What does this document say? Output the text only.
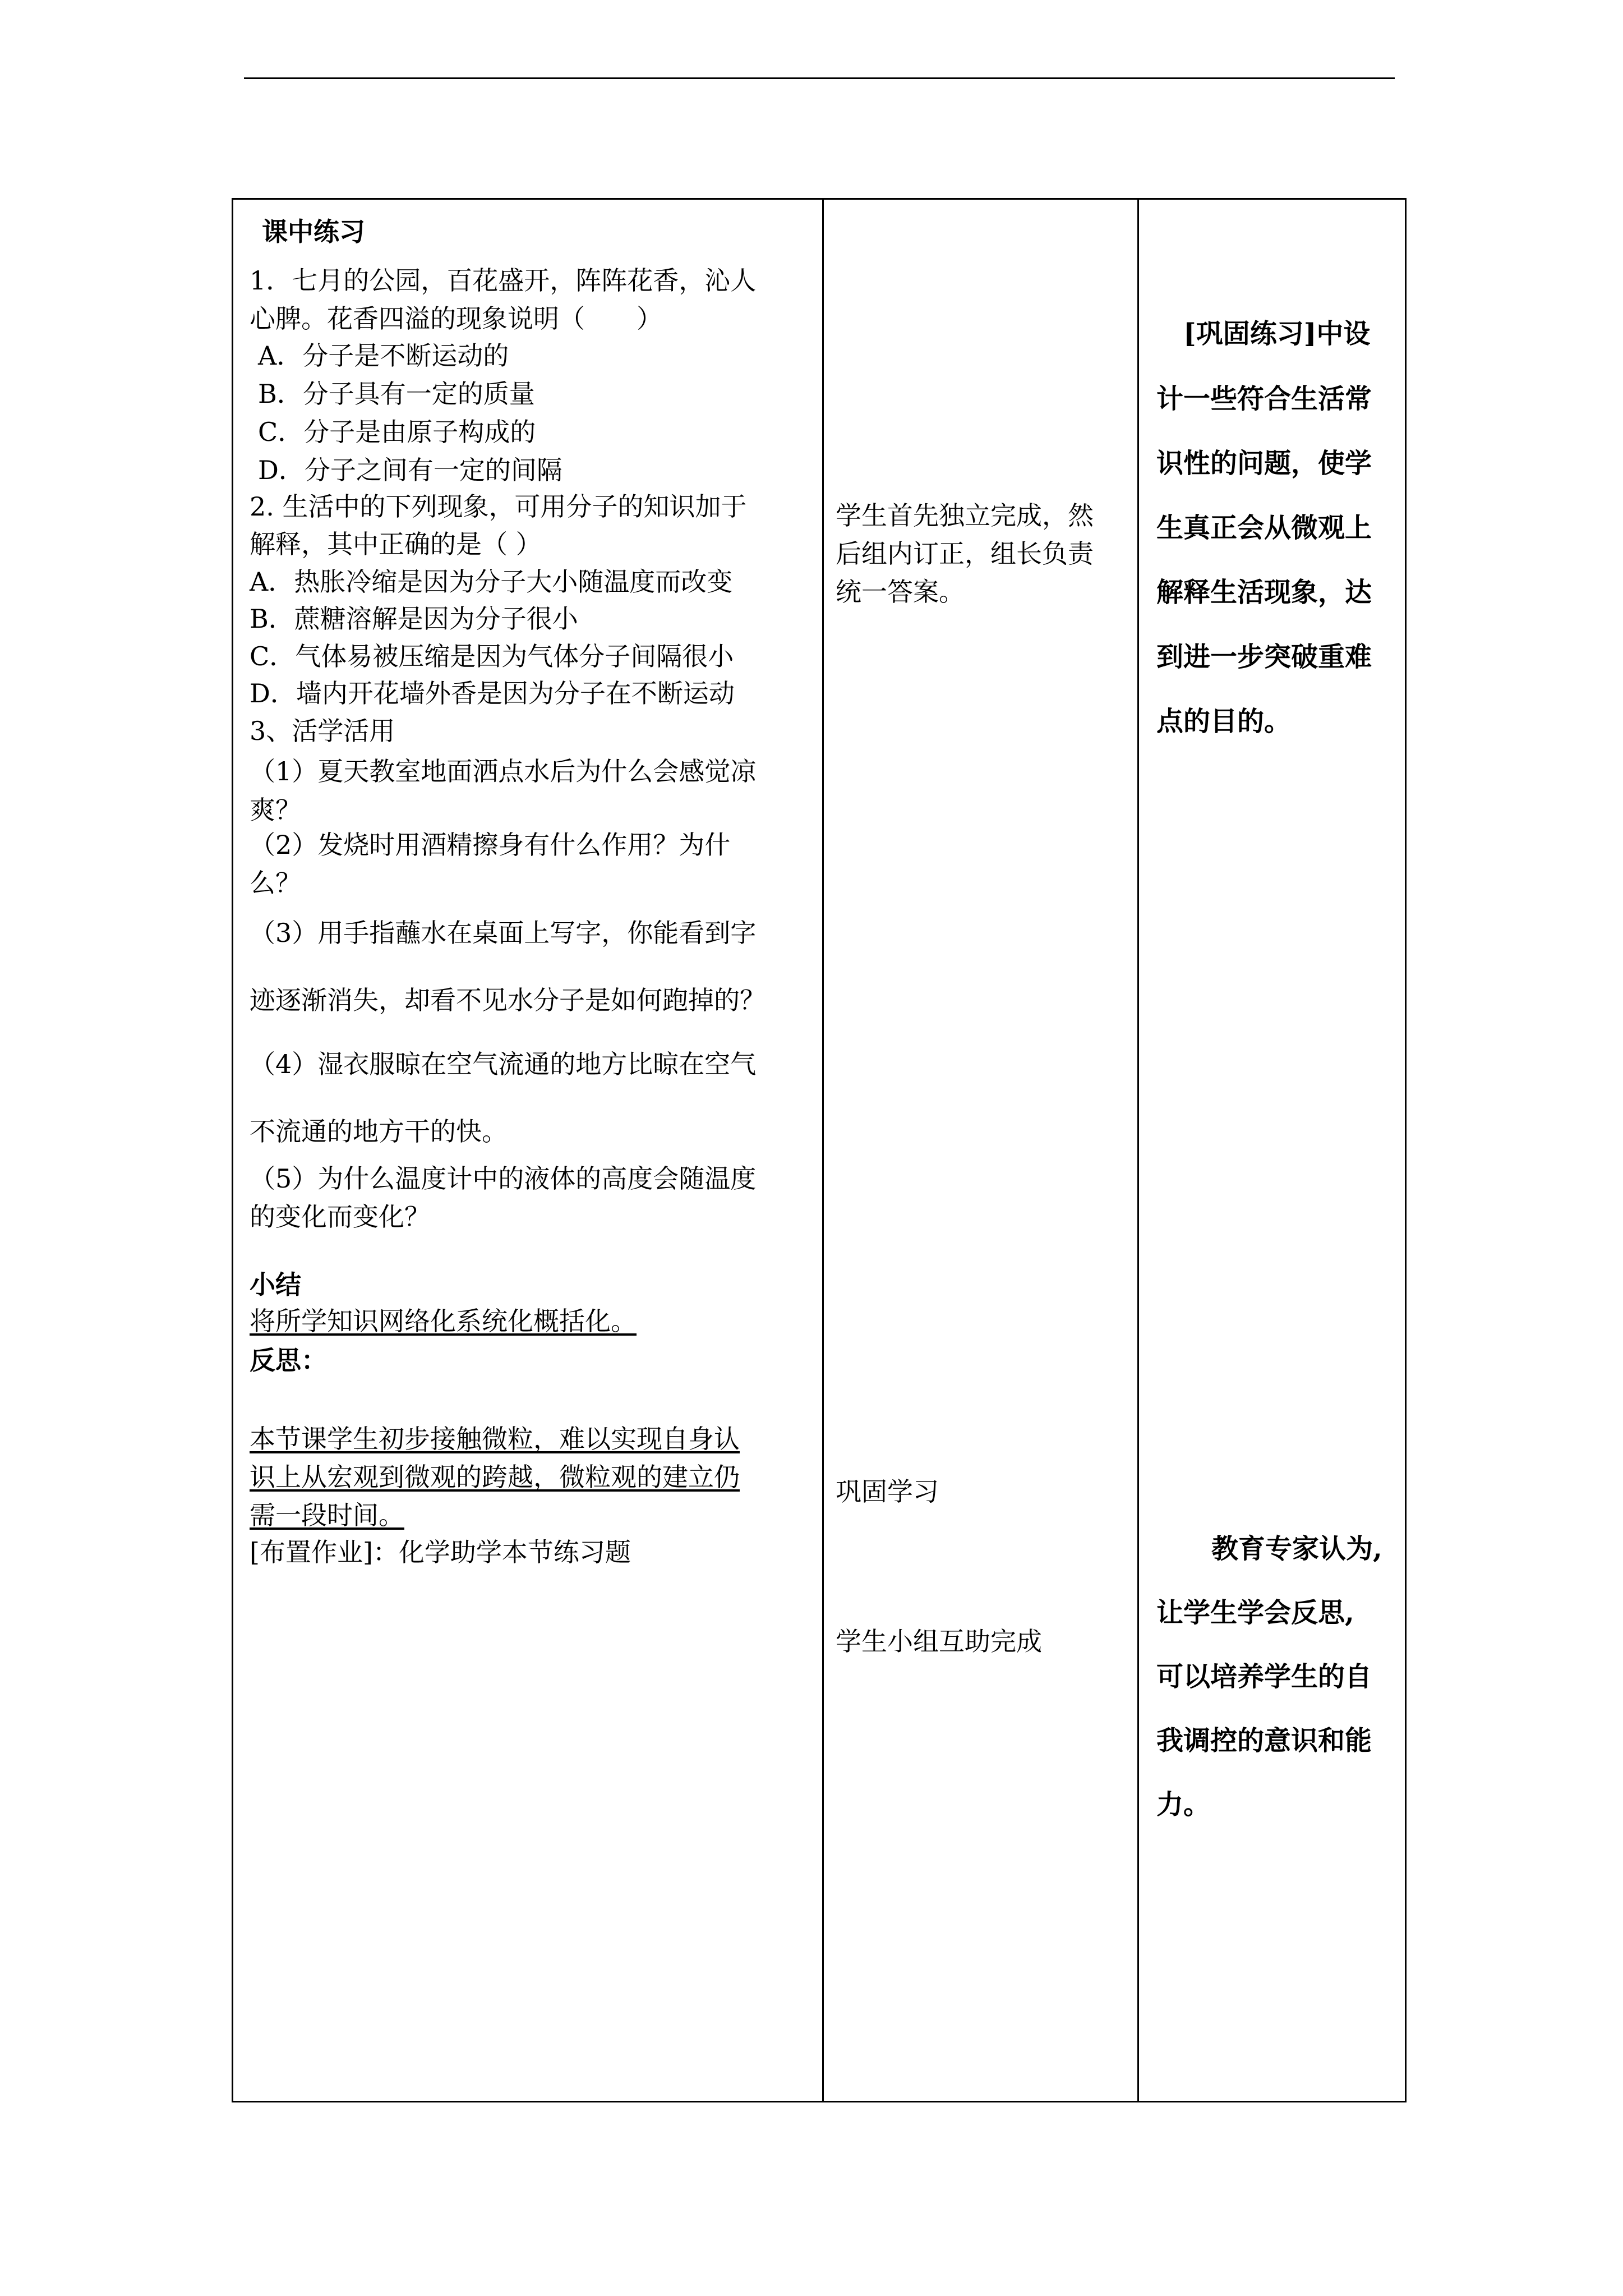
课中练习
1．七月的公园，百花盛开，阵阵花香，沁人
心脾。花香四溢的现象说明（　　）
A．分子是不断运动的
B．分子具有一定的质量
C．分子是由原子构成的
D．分子之间有一定的间隔
2. 生活中的下列现象，可用分子的知识加于
解释，其中正确的是（ ）
A．热胀冷缩是因为分子大小随温度而改变
B．蔗糖溶解是因为分子很小
C．气体易被压缩是因为气体分子间隔很小
D．墙内开花墙外香是因为分子在不断运动
3、活学活用
（1）夏天教室地面洒点水后为什么会感觉凉
爽？
（2）发烧时用酒精擦身有什么作用？为什
么？
（3）用手指蘸水在桌面上写字，你能看到字
迹逐渐消失，却看不见水分子是如何跑掉的？
（4）湿衣服晾在空气流通的地方比晾在空气
不流通的地方干的快。
（5）为什么温度计中的液体的高度会随温度
的变化而变化？
小结
将所学知识网络化系统化概括化。
反思：
本节课学生初步接触微粒，难以实现自身认
识上从宏观到微观的跨越，微粒观的建立仍
需一段时间。
[布置作业]：化学助学本节练习题
学生首先独立完成，然
后组内订正，组长负责
统一答案。
巩固学习
学生小组互助完成
[巩固练习]中设
计一些符合生活常
识性的问题，使学
生真正会从微观上
解释生活现象，达
到进一步突破重难
点的目的。
教育专家认为,
让学生学会反思,
可以培养学生的自
我调控的意识和能
力。
